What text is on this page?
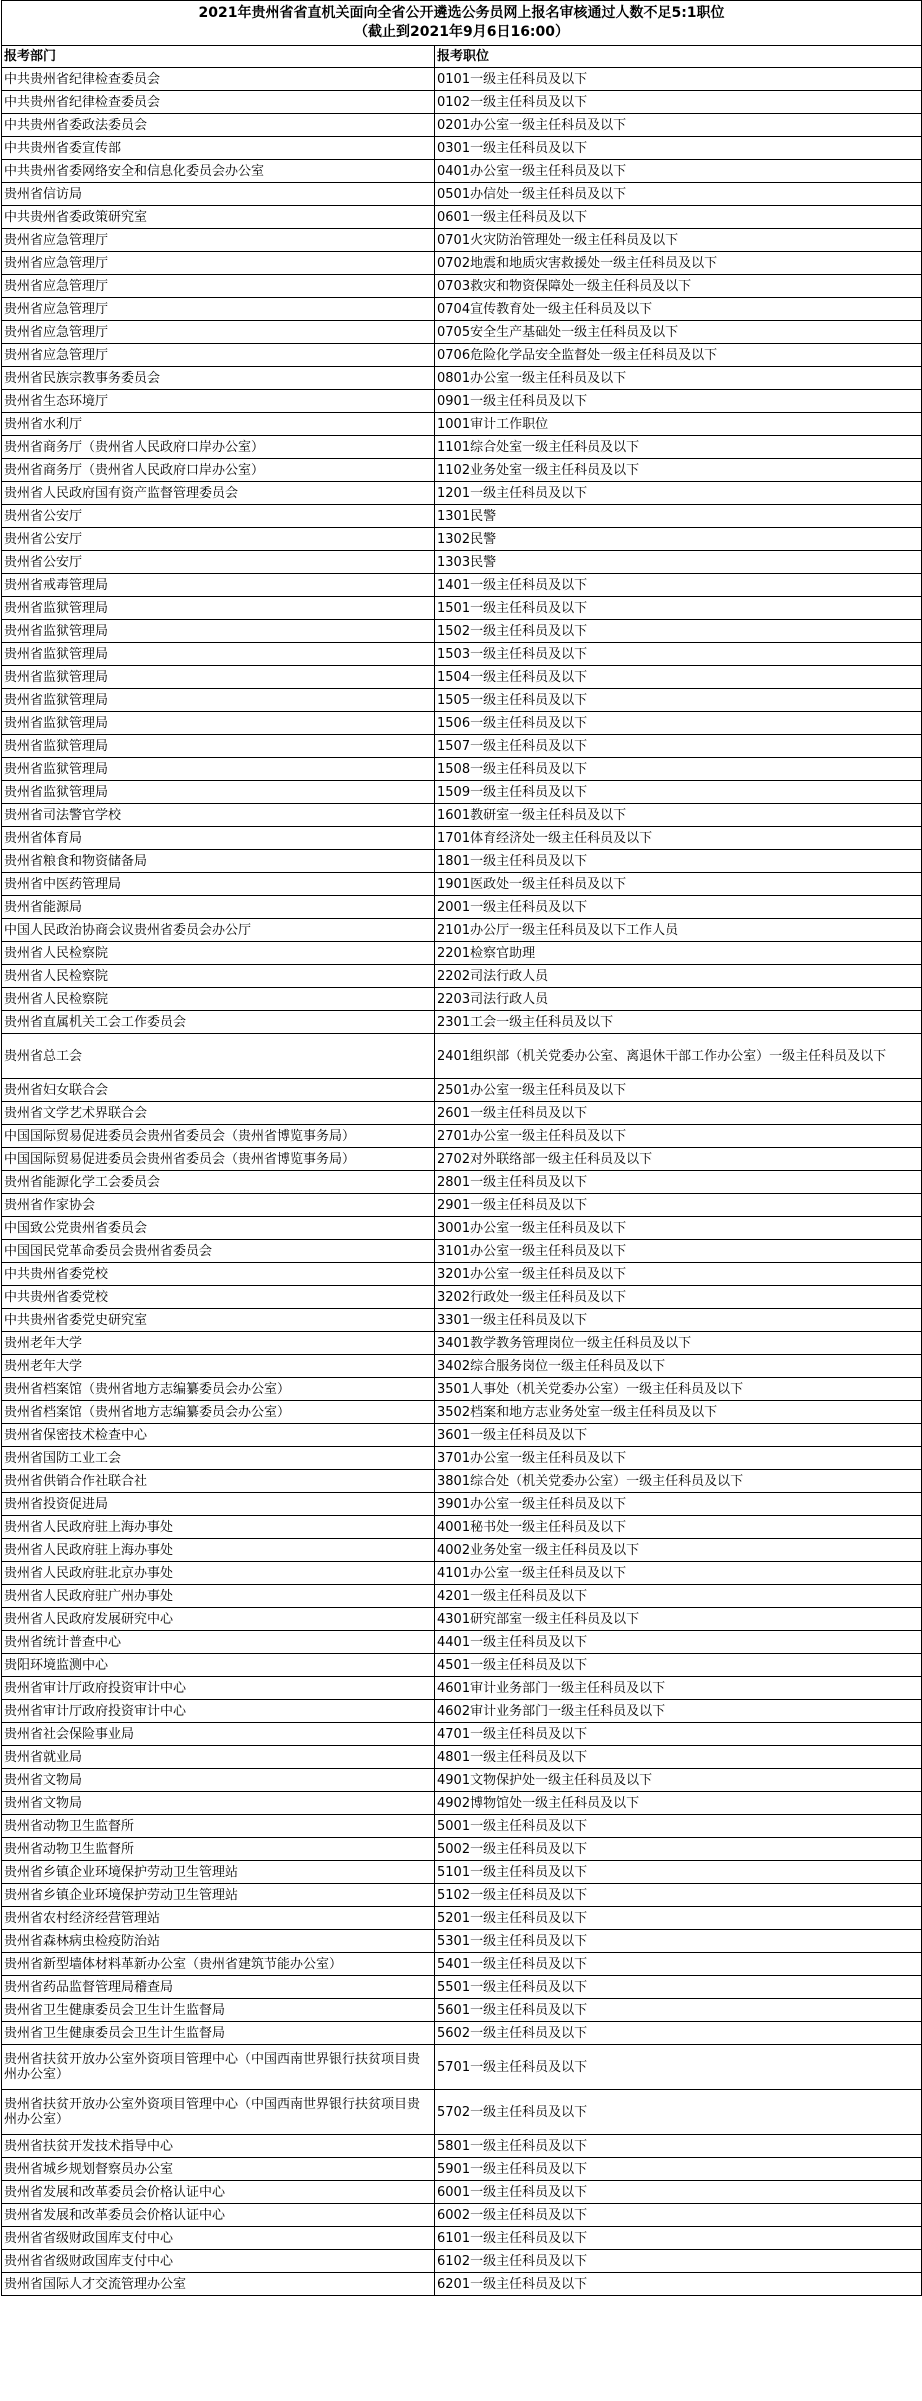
2021年贵州省省直机关面向全省公开遴选公务员网上报名审核通过人数不足5:1职位
（截止到2021年9月6日16:00）	

报考部门	报考职位
中共贵州省纪律检查委员会	0101一级主任科员及以下
中共贵州省纪律检查委员会	0102一级主任科员及以下
中共贵州省委政法委员会	0201办公室一级主任科员及以下
中共贵州省委宣传部	0301一级主任科员及以下
中共贵州省委网络安全和信息化委员会办公室	0401办公室一级主任科员及以下
贵州省信访局	0501办信处一级主任科员及以下
中共贵州省委政策研究室	0601一级主任科员及以下
贵州省应急管理厅	0701火灾防治管理处一级主任科员及以下
贵州省应急管理厅	0702地震和地质灾害救援处一级主任科员及以下
贵州省应急管理厅	0703救灾和物资保障处一级主任科员及以下
贵州省应急管理厅	0704宣传教育处一级主任科员及以下
贵州省应急管理厅	0705安全生产基础处一级主任科员及以下
贵州省应急管理厅	0706危险化学品安全监督处一级主任科员及以下
贵州省民族宗教事务委员会	0801办公室一级主任科员及以下
贵州省生态环境厅	0901一级主任科员及以下
贵州省水利厅	1001审计工作职位
贵州省商务厅（贵州省人民政府口岸办公室）	1101综合处室一级主任科员及以下
贵州省商务厅（贵州省人民政府口岸办公室）	1102业务处室一级主任科员及以下
贵州省人民政府国有资产监督管理委员会	1201一级主任科员及以下
贵州省公安厅	1301民警
贵州省公安厅	1302民警
贵州省公安厅	1303民警
贵州省戒毒管理局	1401一级主任科员及以下
贵州省监狱管理局	1501一级主任科员及以下
贵州省监狱管理局	1502一级主任科员及以下
贵州省监狱管理局	1503一级主任科员及以下
贵州省监狱管理局	1504一级主任科员及以下
贵州省监狱管理局	1505一级主任科员及以下
贵州省监狱管理局	1506一级主任科员及以下
贵州省监狱管理局	1507一级主任科员及以下
贵州省监狱管理局	1508一级主任科员及以下
贵州省监狱管理局	1509一级主任科员及以下
贵州省司法警官学校	1601教研室一级主任科员及以下
贵州省体育局	1701体育经济处一级主任科员及以下
贵州省粮食和物资储备局	1801一级主任科员及以下
贵州省中医药管理局	1901医政处一级主任科员及以下
贵州省能源局	2001一级主任科员及以下
中国人民政治协商会议贵州省委员会办公厅	2101办公厅一级主任科员及以下工作人员
贵州省人民检察院	2201检察官助理
贵州省人民检察院	2202司法行政人员
贵州省人民检察院	2203司法行政人员
贵州省直属机关工会工作委员会	2301工会一级主任科员及以下
贵州省总工会	2401组织部（机关党委办公室、离退休干部工作办公室）一级主任科员及以下
贵州省妇女联合会	2501办公室一级主任科员及以下
贵州省文学艺术界联合会	2601一级主任科员及以下
中国国际贸易促进委员会贵州省委员会（贵州省博览事务局）	2701办公室一级主任科员及以下
中国国际贸易促进委员会贵州省委员会（贵州省博览事务局）	2702对外联络部一级主任科员及以下
贵州省能源化学工会委员会	2801一级主任科员及以下
贵州省作家协会	2901一级主任科员及以下
中国致公党贵州省委员会	3001办公室一级主任科员及以下
中国国民党革命委员会贵州省委员会	3101办公室一级主任科员及以下
中共贵州省委党校	3201办公室一级主任科员及以下
中共贵州省委党校	3202行政处一级主任科员及以下
中共贵州省委党史研究室	3301一级主任科员及以下
贵州老年大学	3401教学教务管理岗位一级主任科员及以下
贵州老年大学	3402综合服务岗位一级主任科员及以下
贵州省档案馆（贵州省地方志编纂委员会办公室）	3501人事处（机关党委办公室）一级主任科员及以下
贵州省档案馆（贵州省地方志编纂委员会办公室）	3502档案和地方志业务处室一级主任科员及以下
贵州省保密技术检查中心	3601一级主任科员及以下
贵州省国防工业工会	3701办公室一级主任科员及以下
贵州省供销合作社联合社	3801综合处（机关党委办公室）一级主任科员及以下
贵州省投资促进局	3901办公室一级主任科员及以下
贵州省人民政府驻上海办事处	4001秘书处一级主任科员及以下
贵州省人民政府驻上海办事处	4002业务处室一级主任科员及以下
贵州省人民政府驻北京办事处	4101办公室一级主任科员及以下
贵州省人民政府驻广州办事处	4201一级主任科员及以下
贵州省人民政府发展研究中心	4301研究部室一级主任科员及以下
贵州省统计普查中心	4401一级主任科员及以下
贵阳环境监测中心	4501一级主任科员及以下
贵州省审计厅政府投资审计中心	4601审计业务部门一级主任科员及以下
贵州省审计厅政府投资审计中心	4602审计业务部门一级主任科员及以下
贵州省社会保险事业局	4701一级主任科员及以下
贵州省就业局	4801一级主任科员及以下
贵州省文物局	4901文物保护处一级主任科员及以下
贵州省文物局	4902博物馆处一级主任科员及以下
贵州省动物卫生监督所	5001一级主任科员及以下
贵州省动物卫生监督所	5002一级主任科员及以下
贵州省乡镇企业环境保护劳动卫生管理站	5101一级主任科员及以下
贵州省乡镇企业环境保护劳动卫生管理站	5102一级主任科员及以下
贵州省农村经济经营管理站	5201一级主任科员及以下
贵州省森林病虫检疫防治站	5301一级主任科员及以下
贵州省新型墙体材料革新办公室（贵州省建筑节能办公室）	5401一级主任科员及以下
贵州省药品监督管理局稽查局	5501一级主任科员及以下
贵州省卫生健康委员会卫生计生监督局	5601一级主任科员及以下
贵州省卫生健康委员会卫生计生监督局	5602一级主任科员及以下
贵州省扶贫开放办公室外资项目管理中心（中国西南世界银行扶贫项目贵州办公室）	5701一级主任科员及以下
贵州省扶贫开放办公室外资项目管理中心（中国西南世界银行扶贫项目贵州办公室）	5702一级主任科员及以下
贵州省扶贫开发技术指导中心	5801一级主任科员及以下
贵州省城乡规划督察员办公室	5901一级主任科员及以下
贵州省发展和改革委员会价格认证中心	6001一级主任科员及以下
贵州省发展和改革委员会价格认证中心	6002一级主任科员及以下
贵州省省级财政国库支付中心	6101一级主任科员及以下
贵州省省级财政国库支付中心	6102一级主任科员及以下
贵州省国际人才交流管理办公室	6201一级主任科员及以下
